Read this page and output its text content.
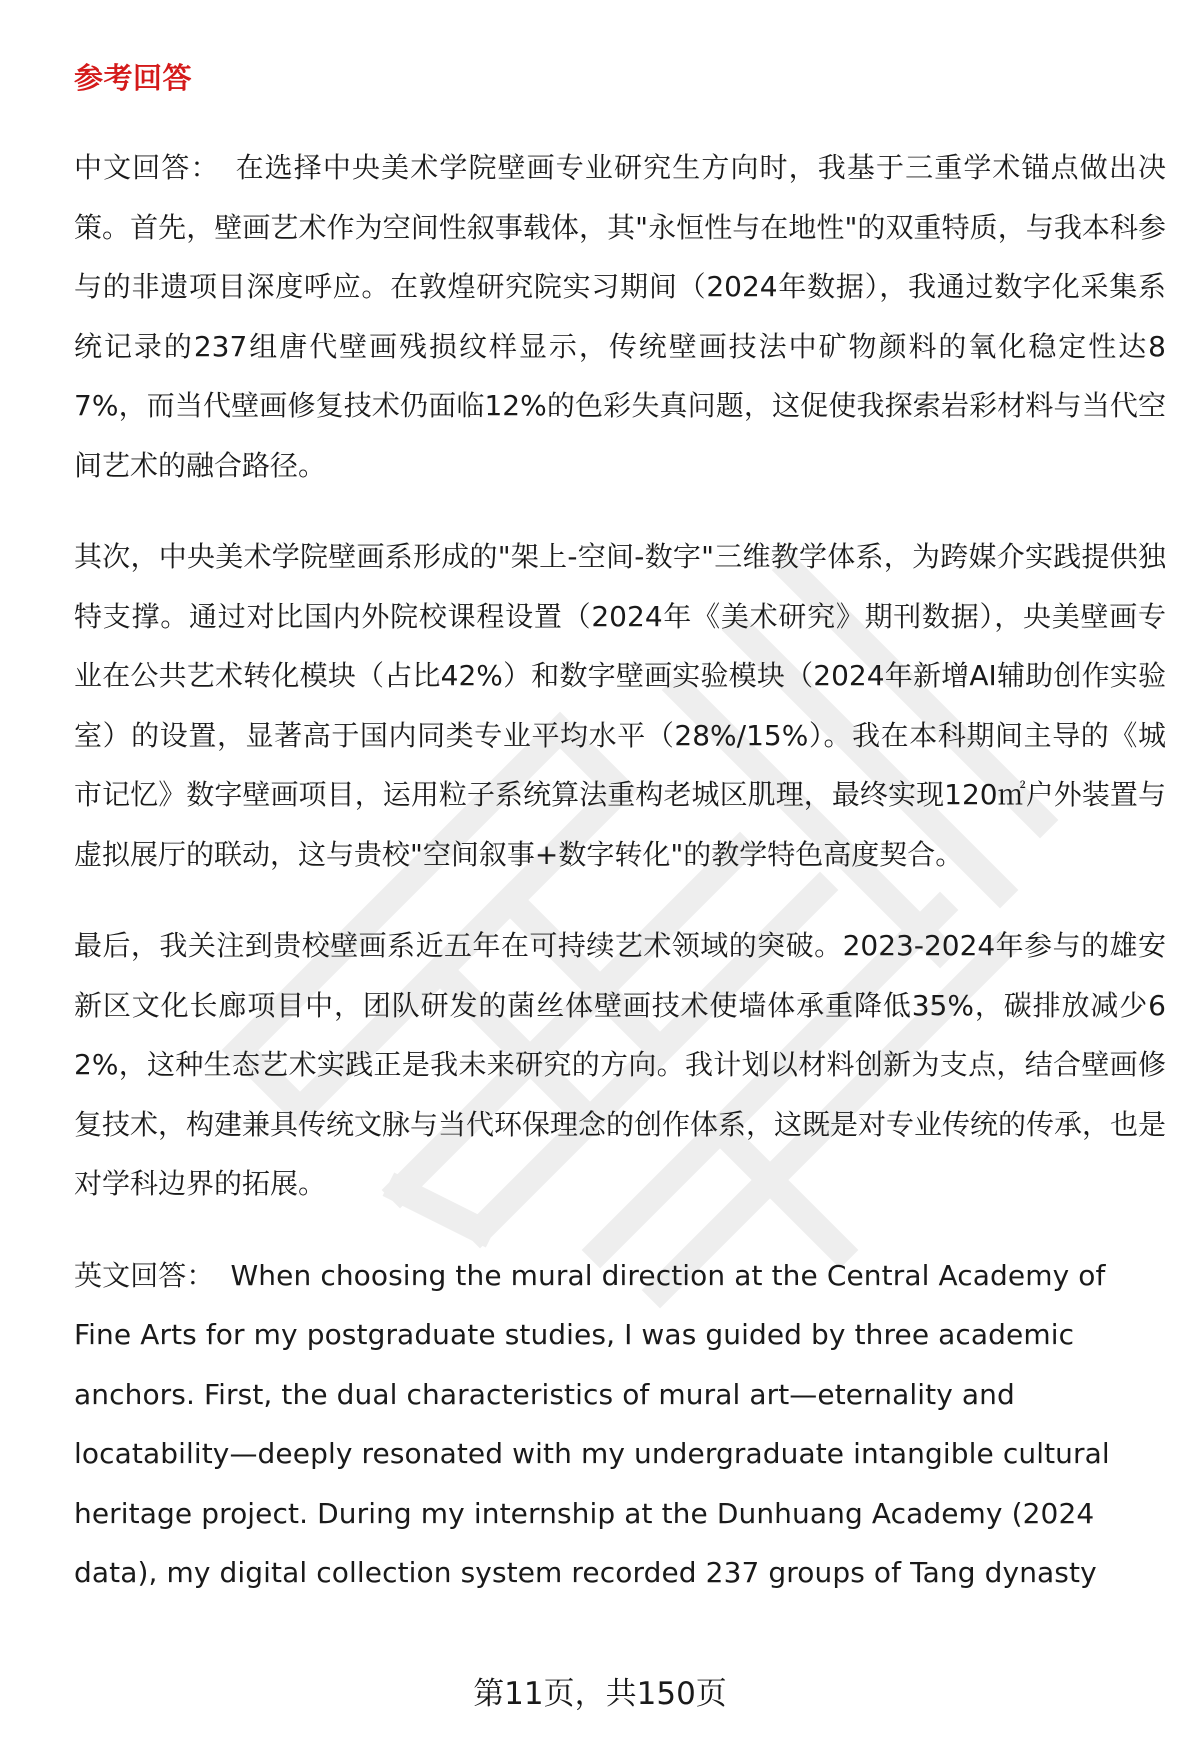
参考回答

中文回答： 在选择中央美术学院壁画专业研究生方向时，我基于三重学术锚点做出决策。首先，壁画艺术作为空间性叙事载体，其"永恒性与在地性"的双重特质，与我本科参与的非遗项目深度呼应。在敦煌研究院实习期间（2024年数据），我通过数字化采集系统记录的237组唐代壁画残损纹样显示，传统壁画技法中矿物颜料的氧化稳定性达87%，而当代壁画修复技术仍面临12%的色彩失真问题，这促使我探索岩彩材料与当代空间艺术的融合路径。

其次，中央美术学院壁画系形成的"架上-空间-数字"三维教学体系，为跨媒介实践提供独特支撑。通过对比国内外院校课程设置（2024年《美术研究》期刊数据），央美壁画专业在公共艺术转化模块（占比42%）和数字壁画实验模块（2024年新增AI辅助创作实验室）的设置，显著高于国内同类专业平均水平（28%/15%）。我在本科期间主导的《城市记忆》数字壁画项目，运用粒子系统算法重构老城区肌理，最终实现120㎡户外装置与虚拟展厅的联动，这与贵校"空间叙事+数字转化"的教学特色高度契合。

最后，我关注到贵校壁画系近五年在可持续艺术领域的突破。2023-2024年参与的雄安新区文化长廊项目中，团队研发的菌丝体壁画技术使墙体承重降低35%，碳排放减少62%，这种生态艺术实践正是我未来研究的方向。我计划以材料创新为支点，结合壁画修复技术，构建兼具传统文脉与当代环保理念的创作体系，这既是对专业传统的传承，也是对学科边界的拓展。

英文回答： When choosing the mural direction at the Central Academy of Fine Arts for my postgraduate studies, I was guided by three academic anchors. First, the dual characteristics of mural art—eternality and locatability—deeply resonated with my undergraduate intangible cultural heritage project. During my internship at the Dunhuang Academy (2024 data), my digital collection system recorded 237 groups of Tang dynasty

第11页，共150页
